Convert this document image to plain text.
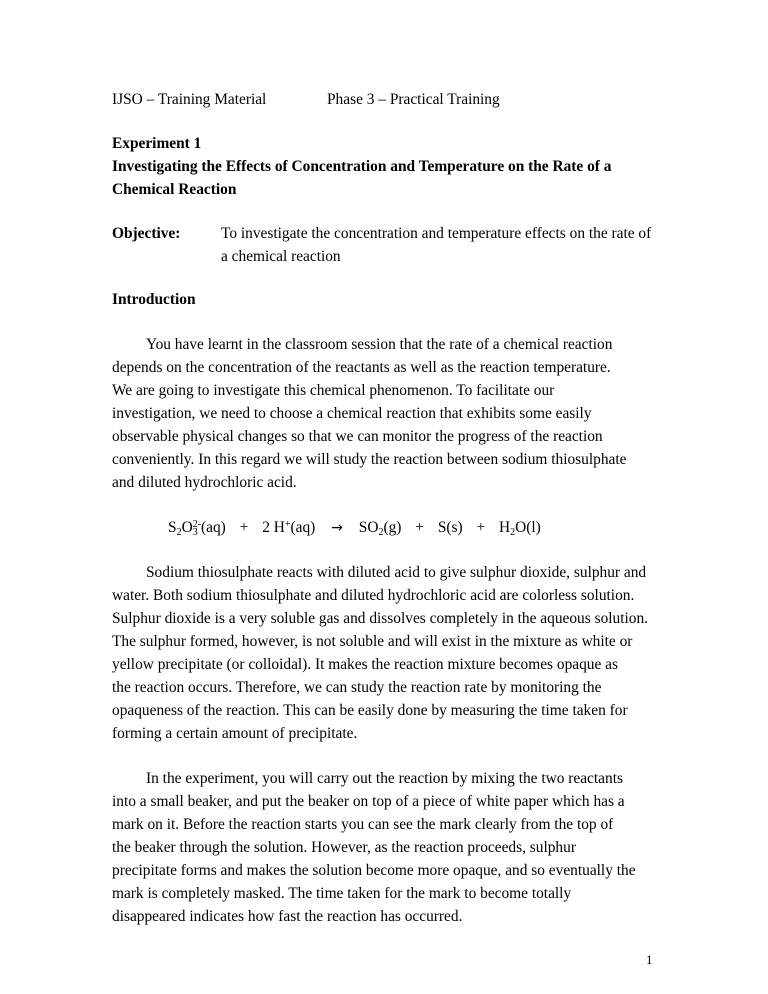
IJSO – Training Material	Phase 3 – Practical Training
Experiment 1
Investigating the Effects of Concentration and Temperature on the Rate of a
Chemical Reaction
Objective:	To investigate the concentration and temperature effects on the rate of
a chemical reaction
Introduction
You have learnt in the classroom session that the rate of a chemical reaction
depends on the concentration of the reactants as well as the reaction temperature.
We are going to investigate this chemical phenomenon. To facilitate our
investigation, we need to choose a chemical reaction that exhibits some easily
observable physical changes so that we can monitor the progress of the reaction
conveniently. In this regard we will study the reaction between sodium thiosulphate
and diluted hydrochloric acid.
$S_2O_3^{2-}(aq) + 2$ $H^+(aq) \to SO_2(g) + S(s) + H_2O(l)$
Sodium thiosulphate reacts with diluted acid to give sulphur dioxide, sulphur and
water. Both sodium thiosulphate and diluted hydrochloric acid are colorless solution.
Sulphur dioxide is a very soluble gas and dissolves completely in the aqueous solution.
The sulphur formed, however, is not soluble and will exist in the mixture as white or
yellow precipitate (or colloidal). It makes the reaction mixture becomes opaque as
the reaction occurs. Therefore, we can study the reaction rate by monitoring the
opaqueness of the reaction. This can be easily done by measuring the time taken for
forming a certain amount of precipitate.
In the experiment, you will carry out the reaction by mixing the two reactants
into a small beaker, and put the beaker on top of a piece of white paper which has a
mark on it. Before the reaction starts you can see the mark clearly from the top of
the beaker through the solution. However, as the reaction proceeds, sulphur
precipitate forms and makes the solution become more opaque, and so eventually the
mark is completely masked. The time taken for the mark to become totally
disappeared indicates how fast the reaction has occurred.
1
